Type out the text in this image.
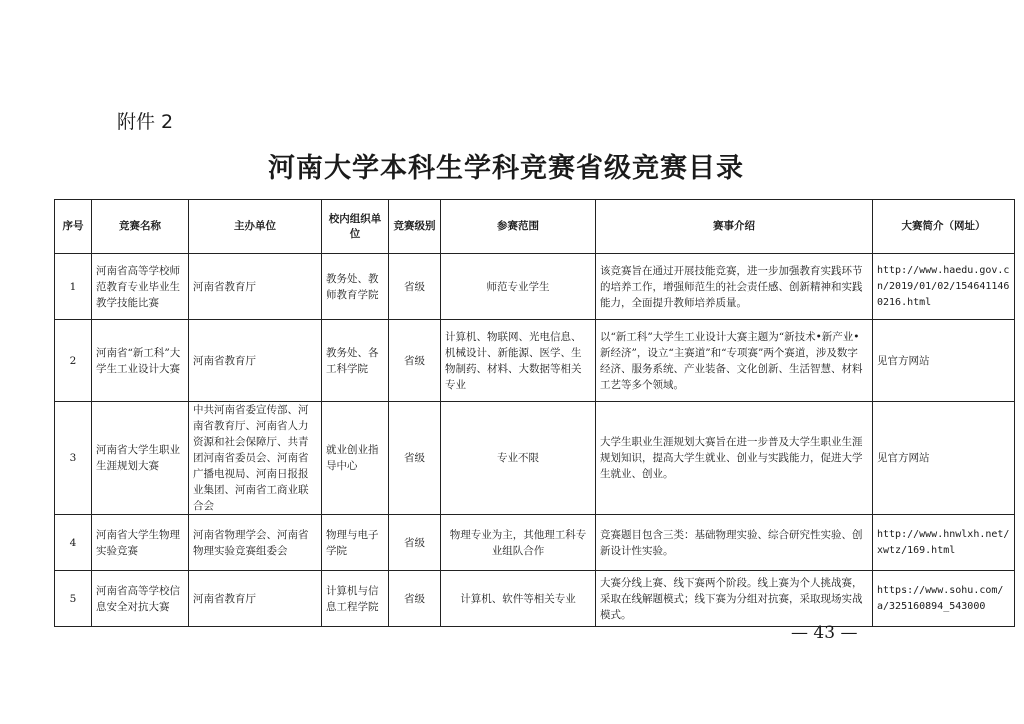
附件 2
河南大学本科生学科竞赛省级竞赛目录
序号	竞赛名称	主办单位	校内组织单位	竞赛级别	参赛范围	赛事介绍	大赛简介（网址）
1	河南省高等学校师范教育专业毕业生教学技能比赛	河南省教育厅	教务处、教师教育学院	省级	师范专业学生	该竞赛旨在通过开展技能竞赛，进一步加强教育实践环节的培养工作，增强师范生的社会责任感、创新精神和实践能力，全面提升教师培养质量。	http://www.haedu.gov.cn/2019/01/02/1546411460216.html
2	河南省“新工科”大学生工业设计大赛	河南省教育厅	教务处、各工科学院	省级	计算机、物联网、光电信息、机械设计、新能源、医学、生物制药、材料、大数据等相关专业	以“新工科”大学生工业设计大赛主题为“新技术•新产业•新经济”，设立“主赛道”和“专项赛”两个赛道，涉及数字经济、服务系统、产业装备、文化创新、生活智慧、材料工艺等多个领域。	见官方网站
3	河南省大学生职业生涯规划大赛	中共河南省委宣传部、河南省教育厅、河南省人力资源和社会保障厅、共青团河南省委员会、河南省广播电视局、河南日报报业集团、河南省工商业联合会	就业创业指导中心	省级	专业不限	大学生职业生涯规划大赛旨在进一步普及大学生职业生涯规划知识，提高大学生就业、创业与实践能力，促进大学生就业、创业。	见官方网站
4	河南省大学生物理实验竞赛	河南省物理学会、河南省物理实验竞赛组委会	物理与电子学院	省级	物理专业为主，其他理工科专业组队合作	竞赛题目包含三类：基础物理实验、综合研究性实验、创新设计性实验。	http://www.hnwlxh.net/xwtz/169.html
5	河南省高等学校信息安全对抗大赛	河南省教育厅	计算机与信息工程学院	省级	计算机、软件等相关专业	大赛分线上赛、线下赛两个阶段。线上赛为个人挑战赛，采取在线解题模式；线下赛为分组对抗赛，采取现场实战模式。	https://www.sohu.com/a/325160894_543000
— 43 —
